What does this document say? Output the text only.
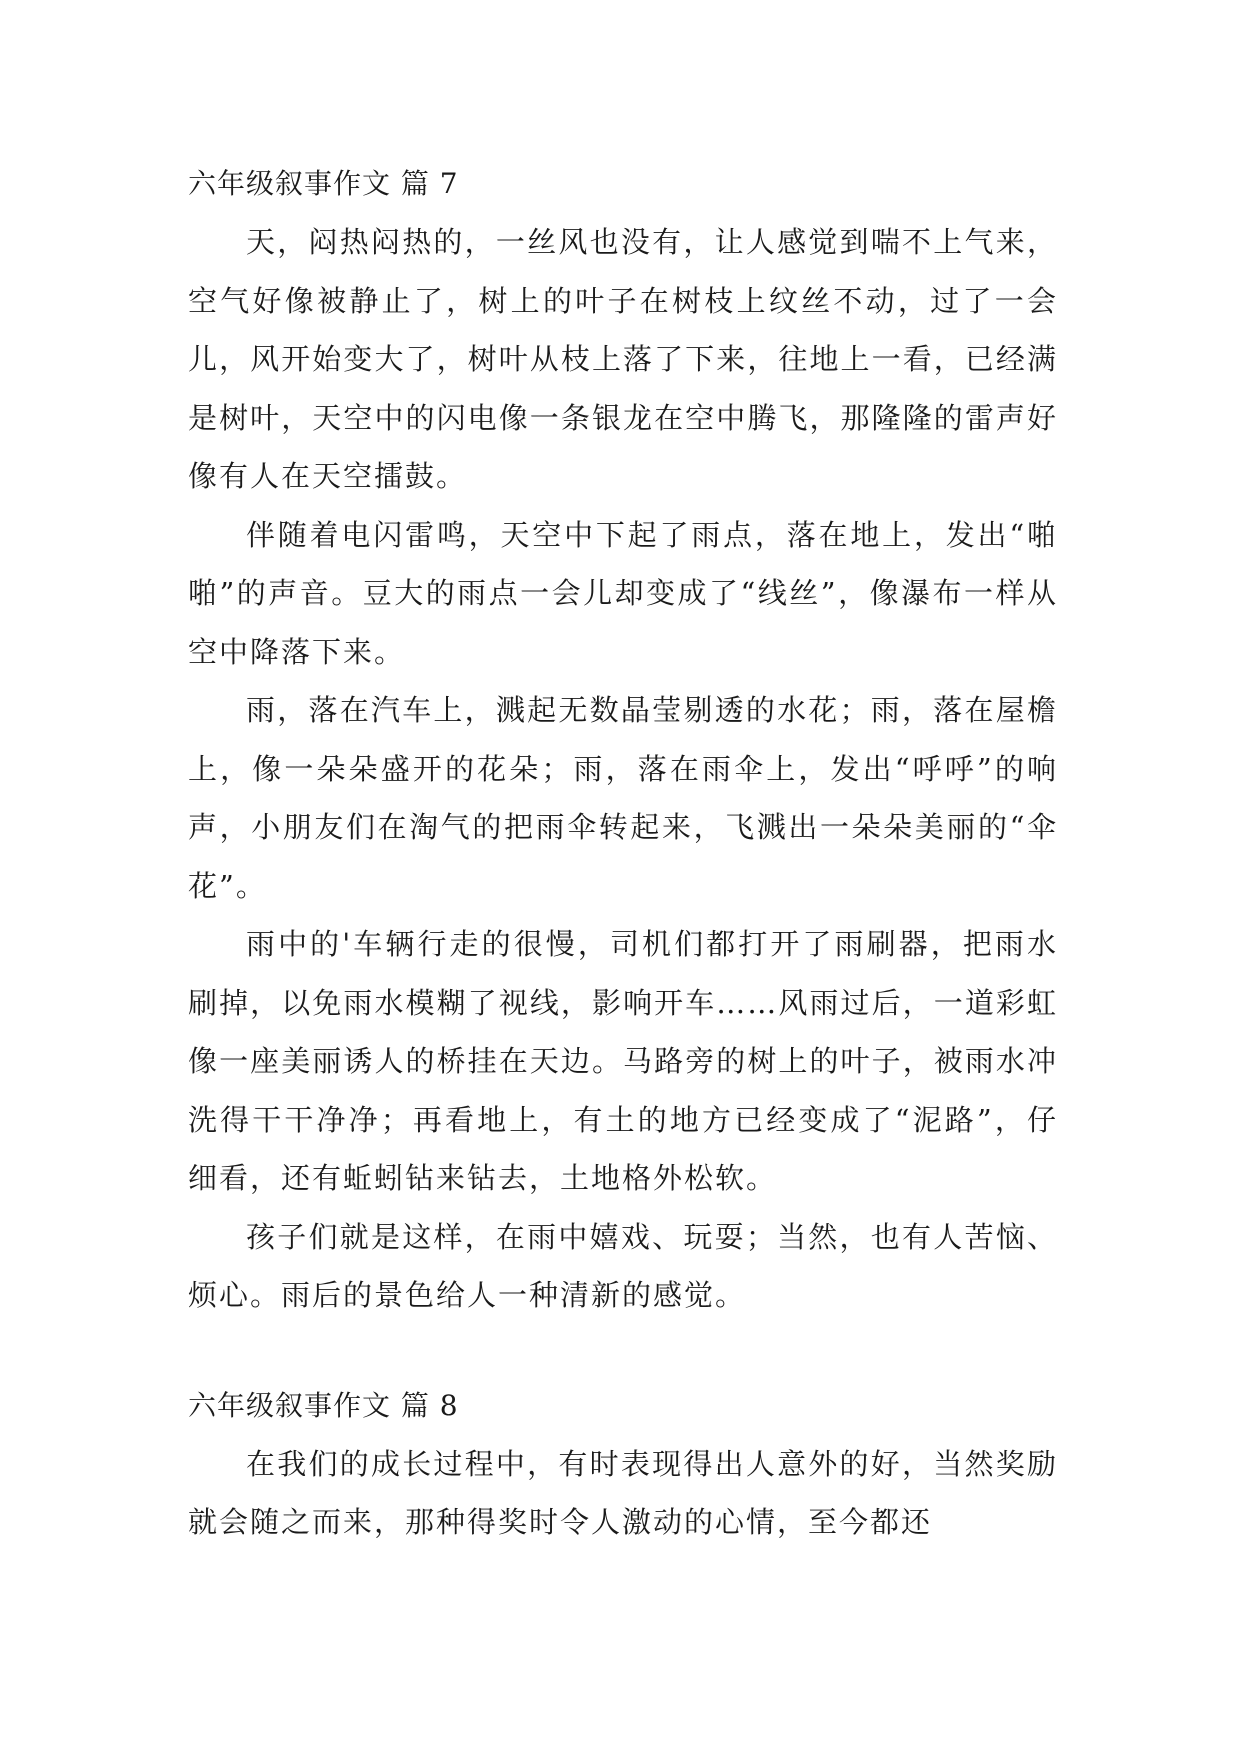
六年级叙事作文 篇 7

天，闷热闷热的，一丝风也没有，让人感觉到喘不上气来，空气好像被静止了，树上的叶子在树枝上纹丝不动，过了一会儿，风开始变大了，树叶从枝上落了下来，往地上一看，已经满是树叶，天空中的闪电像一条银龙在空中腾飞，那隆隆的雷声好像有人在天空擂鼓。

伴随着电闪雷鸣，天空中下起了雨点，落在地上，发出“啪啪”的声音。豆大的雨点一会儿却变成了“线丝”，像瀑布一样从空中降落下来。

雨，落在汽车上，溅起无数晶莹剔透的水花；雨，落在屋檐上，像一朵朵盛开的花朵；雨，落在雨伞上，发出“呼呼”的响声，小朋友们在淘气的把雨伞转起来，飞溅出一朵朵美丽的“伞花”。

雨中的'车辆行走的很慢，司机们都打开了雨刷器，把雨水刷掉，以免雨水模糊了视线，影响开车……风雨过后，一道彩虹像一座美丽诱人的桥挂在天边。马路旁的树上的叶子，被雨水冲洗得干干净净；再看地上，有土的地方已经变成了“泥路”，仔细看，还有蚯蚓钻来钻去，土地格外松软。

孩子们就是这样，在雨中嬉戏、玩耍；当然，也有人苦恼、烦心。雨后的景色给人一种清新的感觉。

六年级叙事作文 篇 8

在我们的成长过程中，有时表现得出人意外的好，当然奖励就会随之而来，那种得奖时令人激动的心情，至今都还
